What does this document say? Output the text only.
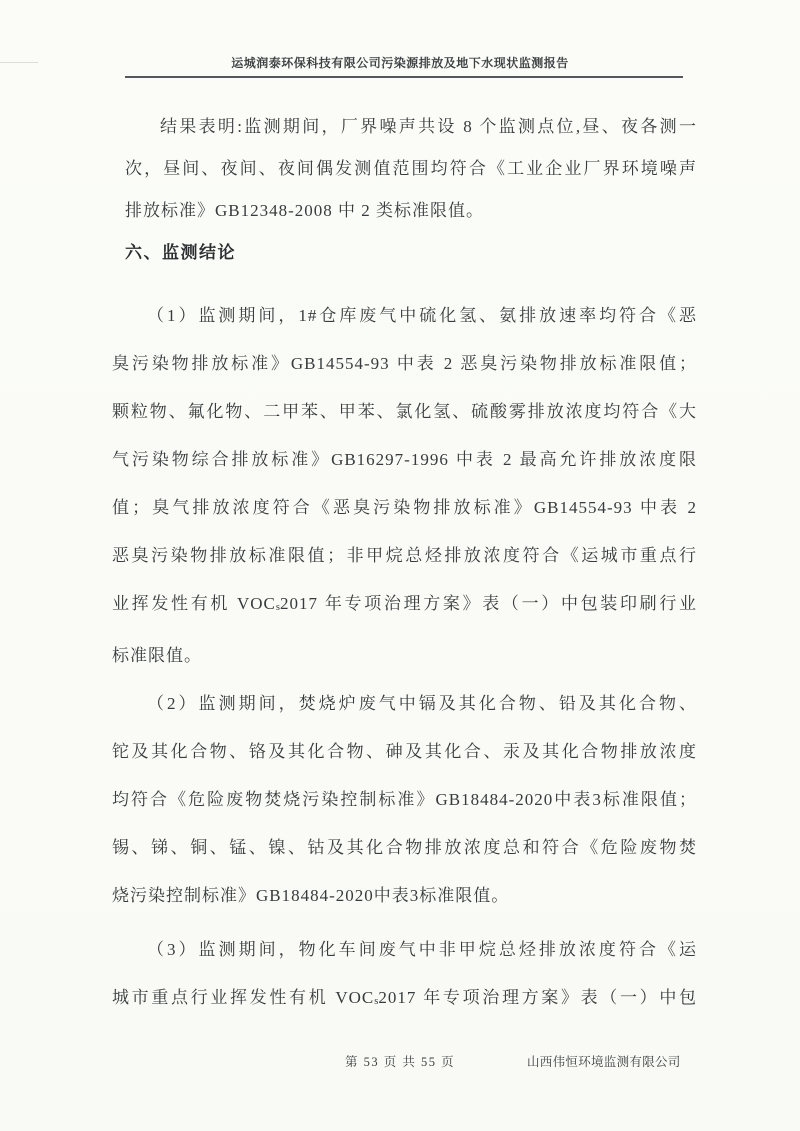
运城润泰环保科技有限公司污染源排放及地下水现状监测报告
结果表明:监测期间，厂界噪声共设 8 个监测点位,昼、夜各测一
次，昼间、夜间、夜间偶发测值范围均符合《工业企业厂界环境噪声
排放标准》GB12348-2008 中 2 类标准限值。
六、监测结论
（1）监测期间，1#仓库废气中硫化氢、氨排放速率均符合《恶
臭污染物排放标准》GB14554-93 中表 2 恶臭污染物排放标准限值；
颗粒物、氟化物、二甲苯、甲苯、氯化氢、硫酸雾排放浓度均符合《大
气污染物综合排放标准》GB16297-1996 中表 2 最高允许排放浓度限
值；臭气排放浓度符合《恶臭污染物排放标准》GB14554-93 中表 2
恶臭污染物排放标准限值；非甲烷总烃排放浓度符合《运城市重点行
业挥发性有机 VOCs2017 年专项治理方案》表（一）中包装印刷行业
标准限值。
（2）监测期间，焚烧炉废气中镉及其化合物、铅及其化合物、
铊及其化合物、铬及其化合物、砷及其化合、汞及其化合物排放浓度
均符合《危险废物焚烧污染控制标准》GB18484-2020中表3标准限值；
锡、锑、铜、锰、镍、钴及其化合物排放浓度总和符合《危险废物焚
烧污染控制标准》GB18484-2020中表3标准限值。
（3）监测期间，物化车间废气中非甲烷总烃排放浓度符合《运
城市重点行业挥发性有机 VOCs2017 年专项治理方案》表（一）中包
第 53 页 共 55 页	山西伟恒环境监测有限公司
